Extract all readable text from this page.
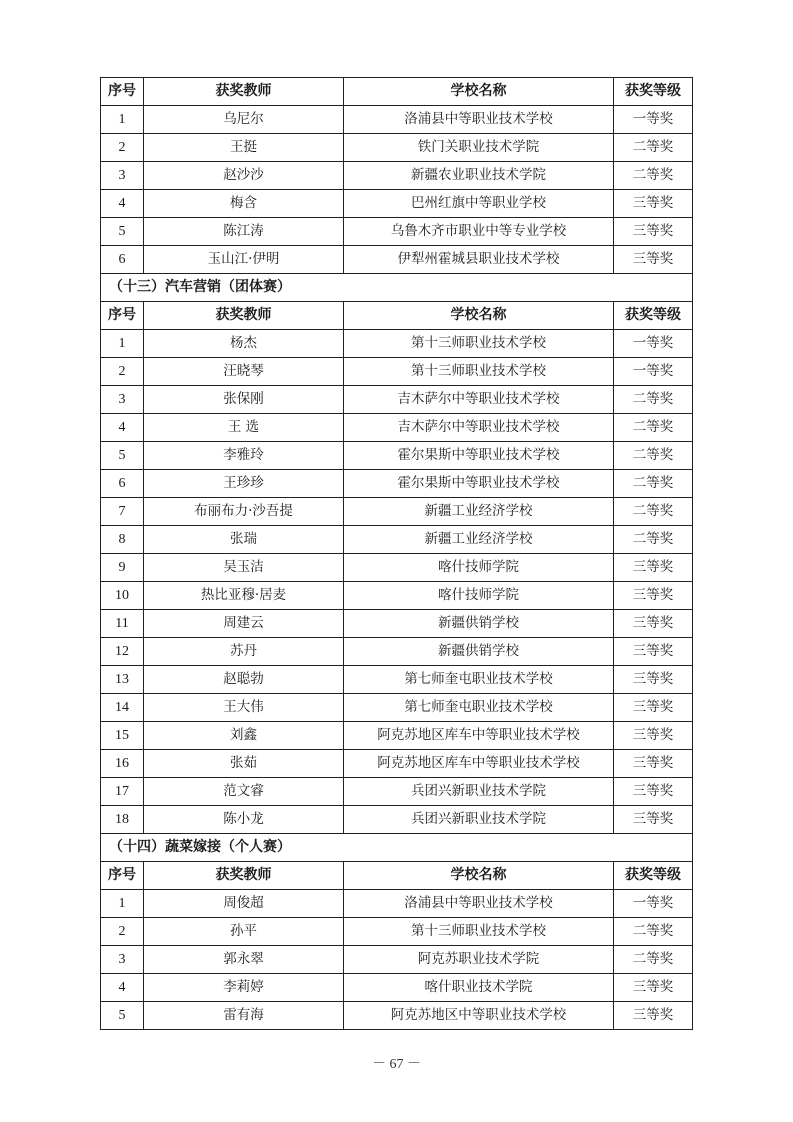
序号	获奖教师	学校名称	获奖等级
1	乌尼尔	洛浦县中等职业技术学校	一等奖
2	王挺	铁门关职业技术学院	二等奖
3	赵沙沙	新疆农业职业技术学院	二等奖
4	梅含	巴州红旗中等职业学校	三等奖
5	陈江涛	乌鲁木齐市职业中等专业学校	三等奖
6	玉山江·伊明	伊犁州霍城县职业技术学校	三等奖
（十三）汽车营销（团体赛）			
序号	获奖教师	学校名称	获奖等级
1	杨杰	第十三师职业技术学校	一等奖
2	汪晓琴	第十三师职业技术学校	一等奖
3	张保刚	吉木萨尔中等职业技术学校	二等奖
4	王 选	吉木萨尔中等职业技术学校	二等奖
5	李雅玲	霍尔果斯中等职业技术学校	二等奖
6	王珍珍	霍尔果斯中等职业技术学校	二等奖
7	布丽布力·沙吾提	新疆工业经济学校	二等奖
8	张瑞	新疆工业经济学校	二等奖
9	吴玉洁	喀什技师学院	三等奖
10	热比亚穆·居麦	喀什技师学院	三等奖
11	周建云	新疆供销学校	三等奖
12	苏丹	新疆供销学校	三等奖
13	赵聪勃	第七师奎屯职业技术学校	三等奖
14	王大伟	第七师奎屯职业技术学校	三等奖
15	刘鑫	阿克苏地区库车中等职业技术学校	三等奖
16	张茹	阿克苏地区库车中等职业技术学校	三等奖
17	范文睿	兵团兴新职业技术学院	三等奖
18	陈小龙	兵团兴新职业技术学院	三等奖
（十四）蔬菜嫁接（个人赛）			
序号	获奖教师	学校名称	获奖等级
1	周俊超	洛浦县中等职业技术学校	一等奖
2	孙平	第十三师职业技术学校	二等奖
3	郭永翠	阿克苏职业技术学院	二等奖
4	李莉婷	喀什职业技术学院	三等奖
5	雷有海	阿克苏地区中等职业技术学校	三等奖
－ 67 －
